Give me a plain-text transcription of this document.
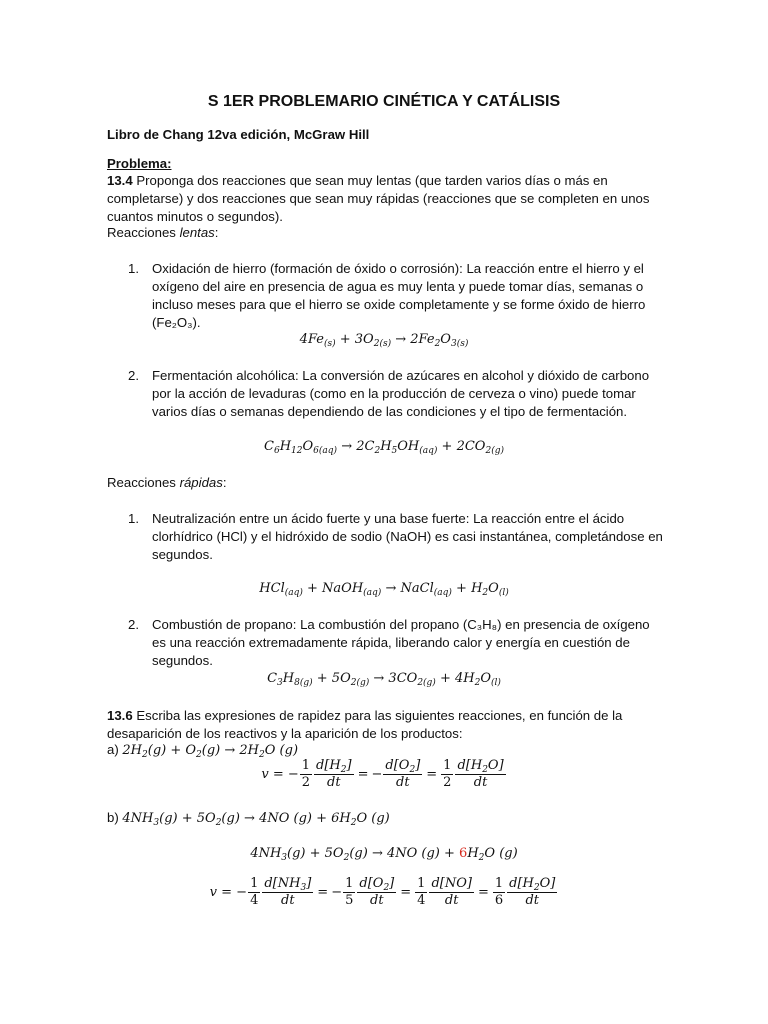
S 1ER PROBLEMARIO CINÉTICA Y CATÁLISIS
Libro de Chang 12va edición, McGraw Hill
Problema:
13.4 Proponga dos reacciones que sean muy lentas (que tarden varios días o más en completarse) y dos reacciones que sean muy rápidas (reacciones que se completen en unos cuantos minutos o segundos).
Reacciones lentas:
1. Oxidación de hierro (formación de óxido o corrosión): La reacción entre el hierro y el oxígeno del aire en presencia de agua es muy lenta y puede tomar días, semanas o incluso meses para que el hierro se oxide completamente y se forme óxido de hierro (Fe₂O₃).
$4Fe_{(s)} + 3O_{2(s)} \to 2Fe_2O_{3(s)}$
2. Fermentación alcohólica: La conversión de azúcares en alcohol y dióxido de carbono por la acción de levaduras (como en la producción de cerveza o vino) puede tomar varios días o semanas dependiendo de las condiciones y el tipo de fermentación.
$C_6H_{12}O_{6(aq)} \to 2C_2H_5OH_{(aq)} + 2CO_{2(g)}$
Reacciones rápidas:
1. Neutralización entre un ácido fuerte y una base fuerte: La reacción entre el ácido clorhídrico (HCl) y el hidróxido de sodio (NaOH) es casi instantánea, completándose en segundos.
HCl$_{(aq)}$ + NaOH$_{(aq)}$ → NaCl$_{(aq)}$ + $H_2O_{(l)}$
2. Combustión de propano: La combustión del propano (C₃H₈) en presencia de oxígeno es una reacción extremadamente rápida, liberando calor y energía en cuestión de segundos.
$C_3H_{8(g)} + 5O_{2(g)} \to 3CO_{2(g)} + 4H_2O_{(l)}$
13.6 Escriba las expresiones de rapidez para las siguientes reacciones, en función de la desaparición de los reactivos y la aparición de los productos:
a) $2H_2(g) + O_2(g) \to 2H_2O$ (g)
v = − $\frac{1}{2} \frac{d[H_2]}{dt}$ = − $\frac{d[O_2]}{dt} = \frac{1}{2} \frac{d[H_2O]}{dt}$
b) $4NH_3(g) + 5O_2(g) \to 4NO$ $(g) + 6H_2O$ (g)
$4NH_3(g) + 5O_2(g) \to 4NO$ $(g) + 6H_2O$ (g)
v = − $\frac{1}{4} \frac{d[NH_3]}{dt}$ = − $\frac{1}{5} \frac{d[O_2]}{dt} = \frac{1}{4} \frac{d[NO]}{dt} = \frac{1}{6} \frac{d[H_2O]}{dt}$
